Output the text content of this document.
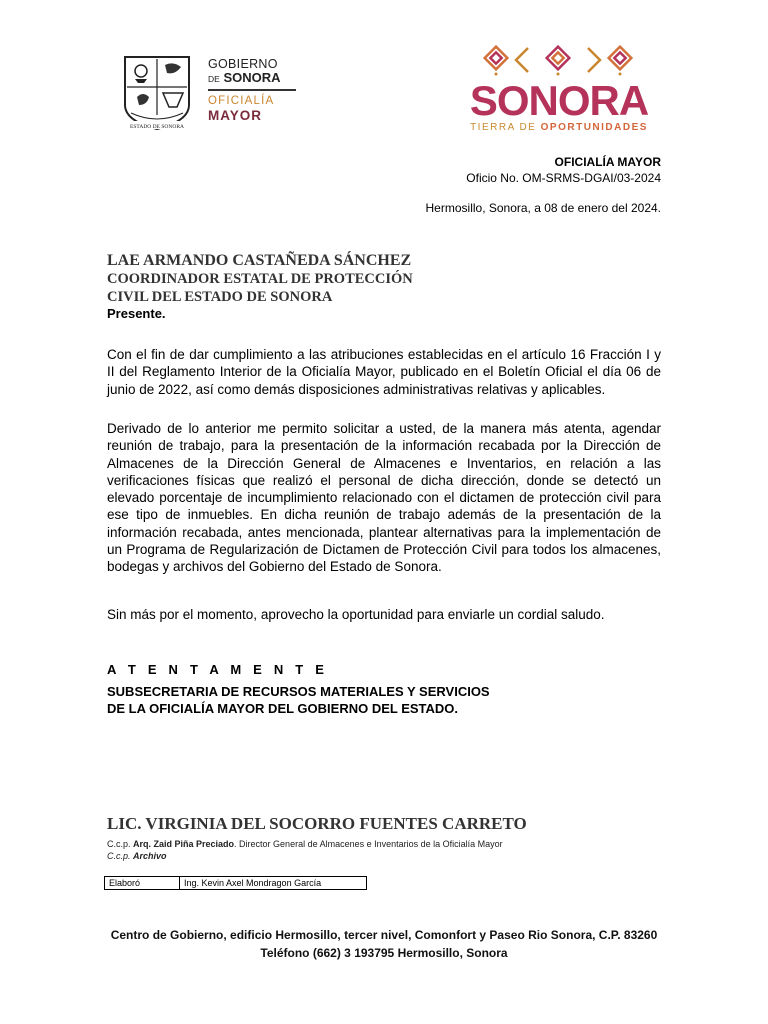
ESTADO DE SONORA
GOBIERNO
DE SONORA
OFICIALÍA
MAYOR	SONORA
TIERRA DE OPORTUNIDADES
OFICIALÍA MAYOR
Oficio No. OM-SRMS-DGAI/03-2024
Hermosillo, Sonora, a 08 de enero del 2024.
LAE ARMANDO CASTAÑEDA SÁNCHEZ
COORDINADOR ESTATAL DE PROTECCIÓN
CIVIL DEL ESTADO DE SONORA
Presente.
Con el fin de dar cumplimiento a las atribuciones establecidas en el artículo 16 Fracción I y II del Reglamento Interior de la Oficialía Mayor, publicado en el Boletín Oficial el día 06 de junio de 2022, así como demás disposiciones administrativas relativas y aplicables.
Derivado de lo anterior me permito solicitar a usted, de la manera más atenta, agendar reunión de trabajo, para la presentación de la información recabada por la Dirección de Almacenes de la Dirección General de Almacenes e Inventarios, en relación a las verificaciones físicas que realizó el personal de dicha dirección, donde se detectó un elevado porcentaje de incumplimiento relacionado con el dictamen de protección civil para ese tipo de inmuebles. En dicha reunión de trabajo además de la presentación de la información recabada, antes mencionada, plantear alternativas para la implementación de un Programa de Regularización de Dictamen de Protección Civil para todos los almacenes, bodegas y archivos del Gobierno del Estado de Sonora.
Sin más por el momento, aprovecho la oportunidad para enviarle un cordial saludo.
A T E N T A M E N T E
SUBSECRETARIA DE RECURSOS MATERIALES Y SERVICIOS
DE LA OFICIALÍA MAYOR DEL GOBIERNO DEL ESTADO.
LIC. VIRGINIA DEL SOCORRO FUENTES CARRETO
C.c.p. Arq. Zaid Piña Preciado. Director General de Almacenes e Inventarios de la Oficialía Mayor
C.c.p. Archivo
Elaboró	Ing. Kevin Axel Mondragon García
Centro de Gobierno, edificio Hermosillo, tercer nivel, Comonfort y Paseo Rio Sonora, C.P. 83260
Teléfono (662) 3 193795 Hermosillo, Sonora
